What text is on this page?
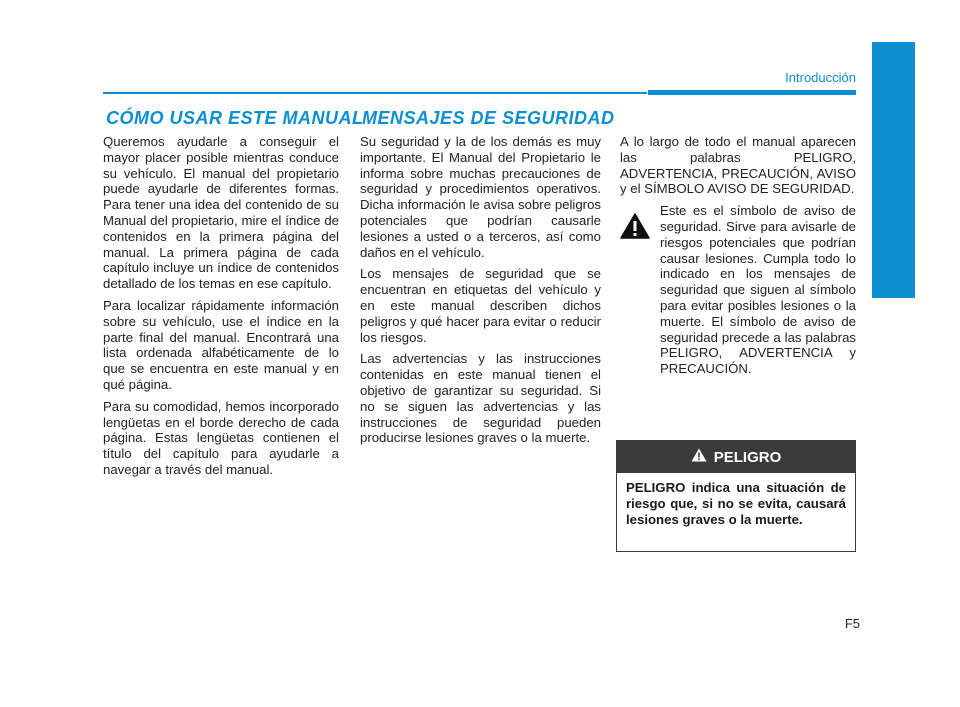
Introducción
CÓMO USAR ESTE MANUAL
MENSAJES DE SEGURIDAD

Queremos ayudarle a conseguir el mayor placer posible mientras conduce su vehículo. El manual del propietario puede ayudarle de diferentes formas. Para tener una idea del contenido de su Manual del propietario, mire el índice de contenidos en la primera página del manual. La primera página de cada capítulo incluye un índice de contenidos detallado de los temas en ese capítulo.

Para localizar rápidamente información sobre su vehículo, use el índice en la parte final del manual. Encontrará una lista ordenada alfabéticamente de lo que se encuentra en este manual y en qué página.

Para su comodidad, hemos incorporado lengüetas en el borde derecho de cada página. Estas lengüetas contienen el título del capítulo para ayudarle a navegar a través del manual.

Su seguridad y la de los demás es muy importante. El Manual del Propietario le informa sobre muchas precauciones de seguridad y procedimientos operativos. Dicha información le avisa sobre peligros potenciales que podrían causarle lesiones a usted o a terceros, así como daños en el vehículo.

Los mensajes de seguridad que se encuentran en etiquetas del vehículo y en este manual describen dichos peligros y qué hacer para evitar o reducir los riesgos.

Las advertencias y las instrucciones contenidas en este manual tienen el objetivo de garantizar su seguridad. Si no se siguen las advertencias y las instrucciones de seguridad pueden producirse lesiones graves o la muerte.

A lo largo de todo el manual aparecen las palabras PELIGRO, ADVERTENCIA, PRECAUCIÓN, AVISO y el SÍMBOLO AVISO DE SEGURIDAD.

Este es el símbolo de aviso de seguridad. Sirve para avisarle de riesgos potenciales que podrían causar lesiones. Cumpla todo lo indicado en los mensajes de seguridad que siguen al símbolo para evitar posibles lesiones o la muerte. El símbolo de aviso de seguridad precede a las palabras PELIGRO, ADVERTENCIA y PRECAUCIÓN.

PELIGRO
PELIGRO indica una situación de riesgo que, si no se evita, causará lesiones graves o la muerte.
F5
